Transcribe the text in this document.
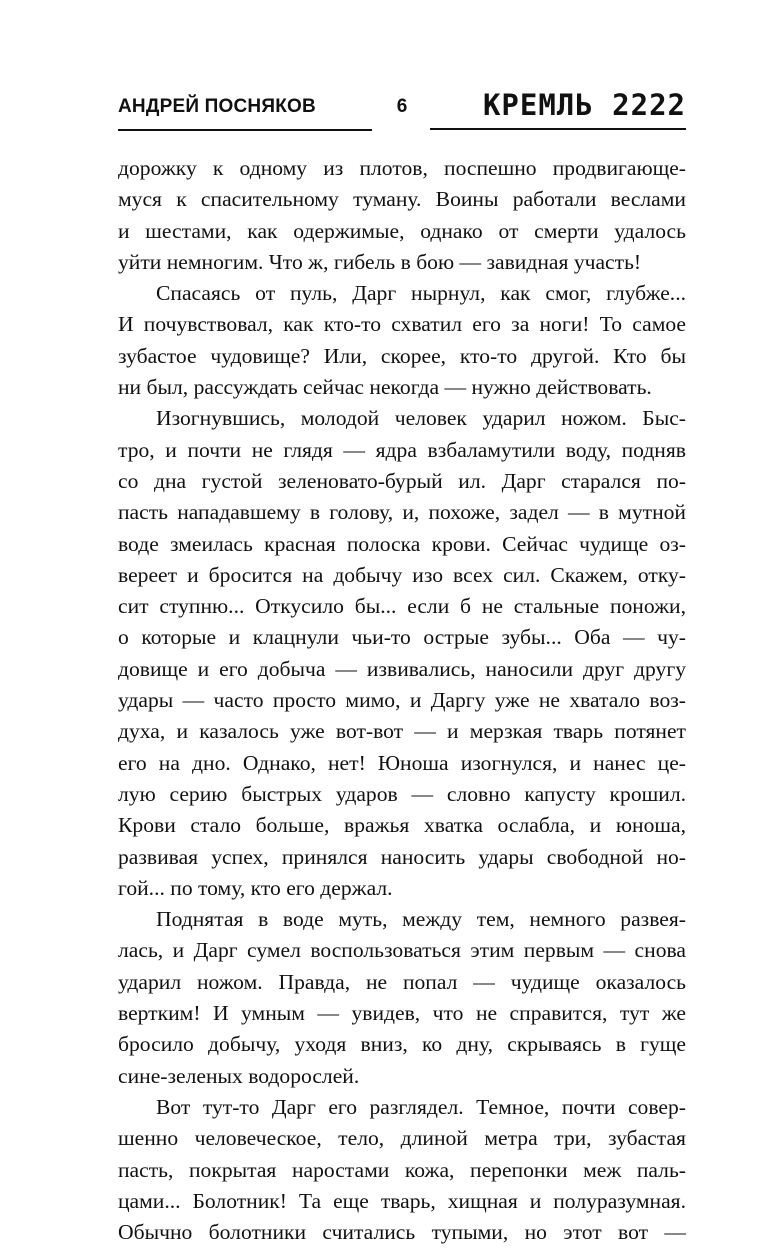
АНДРЕЙ ПОСНЯКОВ	6	КРЕМЛЬ 2222

дорожку к одному из плотов, поспешно продвигающе-
муся к спасительному туману. Воины работали веслами
и шестами, как одержимые, однако от смерти удалось
уйти немногим. Что ж, гибель в бою — завидная участь!

Спасаясь от пуль, Дарг нырнул, как смог, глубже...
И почувствовал, как кто-то схватил его за ноги! То самое
зубастое чудовище? Или, скорее, кто-то другой. Кто бы
ни был, рассуждать сейчас некогда — нужно действовать.

Изогнувшись, молодой человек ударил ножом. Быс-
тро, и почти не глядя — ядра взбаламутили воду, подняв
со дна густой зеленовато-бурый ил. Дарг старался по-
пасть нападавшему в голову, и, похоже, задел — в мутной
воде змеилась красная полоска крови. Сейчас чудище оз-
вереет и бросится на добычу изо всех сил. Скажем, отку-
сит ступню... Откусило бы... если б не стальные поножи,
о которые и клацнули чьи-то острые зубы... Оба — чу-
довище и его добыча — извивались, наносили друг другу
удары — часто просто мимо, и Даргу уже не хватало воз-
духа, и казалось уже вот-вот — и мерзкая тварь потянет
его на дно. Однако, нет! Юноша изогнулся, и нанес це-
лую серию быстрых ударов — словно капусту крошил.
Крови стало больше, вражья хватка ослабла, и юноша,
развивая успех, принялся наносить удары свободной но-
гой... по тому, кто его держал.

Поднятая в воде муть, между тем, немного развея-
лась, и Дарг сумел воспользоваться этим первым — снова
ударил ножом. Правда, не попал — чудище оказалось
вертким! И умным — увидев, что не справится, тут же
бросило добычу, уходя вниз, ко дну, скрываясь в гуще
сине-зеленых водорослей.

Вот тут-то Дарг его разглядел. Темное, почти совер-
шенно человеческое, тело, длиной метра три, зубастая
пасть, покрытая наростами кожа, перепонки меж паль-
цами... Болотник! Та еще тварь, хищная и полуразумная.
Обычно болотники считались тупыми, но этот вот —
